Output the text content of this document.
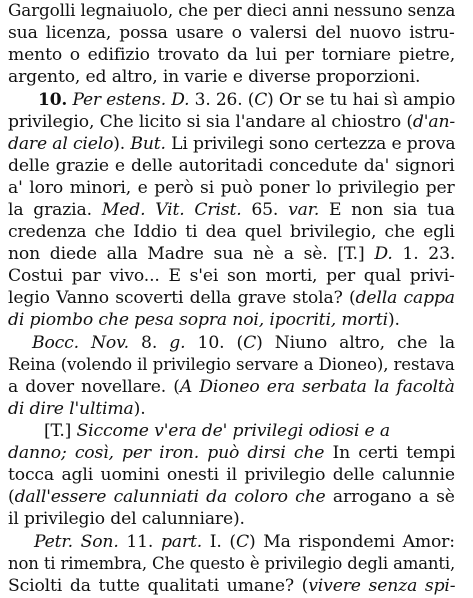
Gargolli legnaiuolo, che per dieci anni nessuno senza
sua licenza, possa usare o valersi del nuovo istru-
mento o edifizio trovato da lui per torniare pietre,
argento, ed altro, in varie e diverse proporzioni.
10. Per estens. D. 3. 26. (C) Or se tu hai sì ampio
privilegio, Che licito si sia l'andare al chiostro (d'an-
dare al cielo). But. Li privilegi sono certezza e prova
delle grazie e delle autoritadi concedute da' signori
a' loro minori, e però si può poner lo privilegio per
la grazia. Med. Vit. Crist. 65. var. E non sia tua
credenza che Iddio ti dea quel brivilegio, che egli
non diede alla Madre sua nè a sè. [T.] D. 1. 23.
Costui par vivo... E s'ei son morti, per qual privi-
legio Vanno scoverti della grave stola? (della cappa
di piombo che pesa sopra noi, ipocriti, morti).
Bocc. Nov. 8. g. 10. (C) Niuno altro, che la
Reina (volendo il privilegio servare a Dioneo), restava
a dover novellare. (A Dioneo era serbata la facoltà
di dire l'ultima).
[T.] Siccome v'era de' privilegi odiosi e a
danno; così, per iron. può dirsi che In certi tempi
tocca agli uomini onesti il privilegio delle calunnie
(dall'essere calunniati da coloro che arrogano a sè
il privilegio del calunniare).
Petr. Son. 11. part. I. (C) Ma rispondemi Amor:
non ti rimembra, Che questo è privilegio degli amanti,
Sciolti da tutte qualitati umane? (vivere senza spi-
